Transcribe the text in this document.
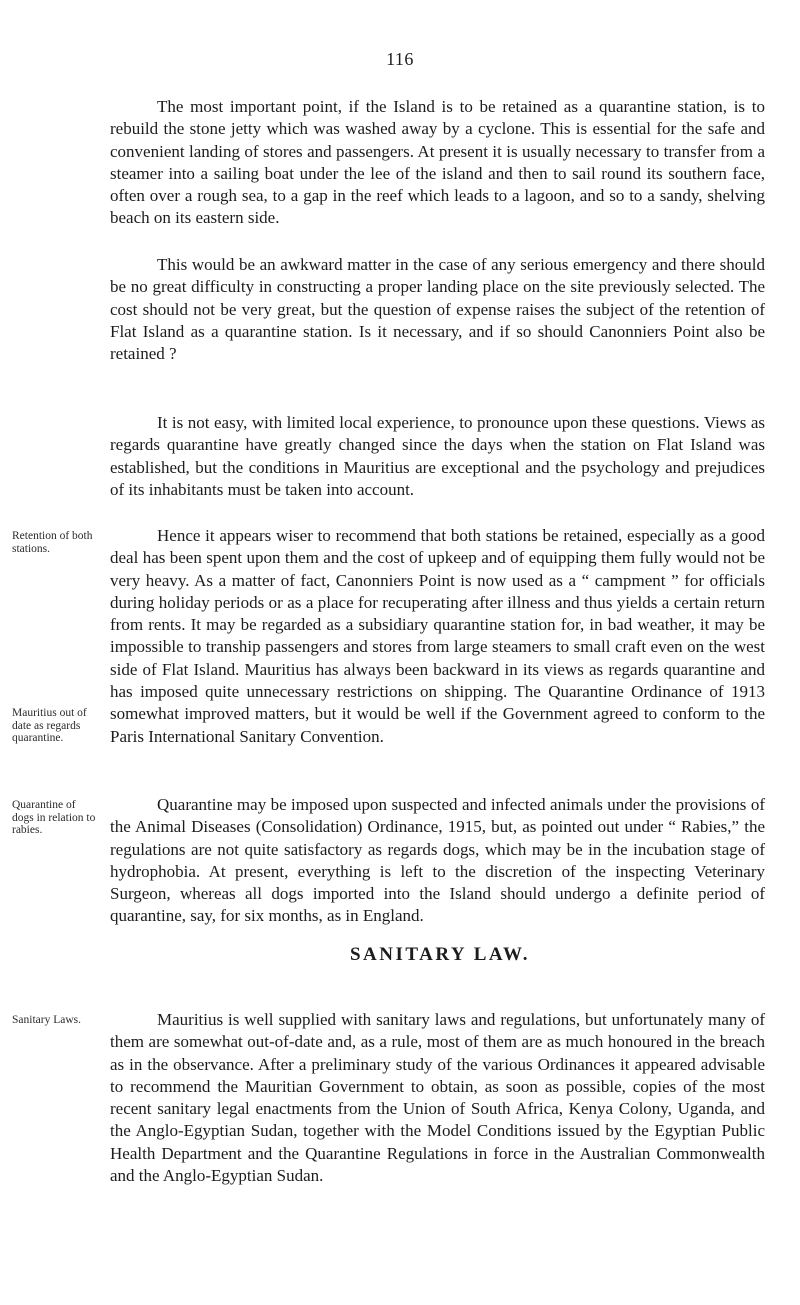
116

The most important point, if the Island is to be retained as a quarantine station, is to rebuild the stone jetty which was washed away by a cyclone. This is essential for the safe and convenient landing of stores and passengers. At present it is usually necessary to transfer from a steamer into a sailing boat under the lee of the island and then to sail round its southern face, often over a rough sea, to a gap in the reef which leads to a lagoon, and so to a sandy, shelving beach on its eastern side.

This would be an awkward matter in the case of any serious emergency and there should be no great difficulty in constructing a proper landing place on the site previously selected. The cost should not be very great, but the question of expense raises the subject of the retention of Flat Island as a quarantine station. Is it necessary, and if so should Canonniers Point also be retained ?

It is not easy, with limited local experience, to pronounce upon these questions. Views as regards quarantine have greatly changed since the days when the station on Flat Island was established, but the conditions in Mauritius are exceptional and the psychology and prejudices of its inhabitants must be taken into account.

Retention of both stations.

Hence it appears wiser to recommend that both stations be retained, especially as a good deal has been spent upon them and the cost of upkeep and of equipping them fully would not be very heavy. As a matter of fact, Canonniers Point is now used as a “ campment ” for officials during holiday periods or as a place for recuperating after illness and thus yields a certain return from rents. It may be regarded as a subsidiary quarantine station for, in bad weather, it may be impossible to tranship passengers and stores from large steamers to small craft even on the west side of Flat Island. Mauritius has always been backward in its views as regards quarantine and has imposed quite unnecessary restrictions on shipping. The Quarantine Ordinance of 1913 somewhat improved matters, but it would be well if the Government agreed to conform to the Paris International Sanitary Convention.

Mauritius out of date as regards quarantine.

Quarantine of dogs in relation to rabies.

Quarantine may be imposed upon suspected and infected animals under the provisions of the Animal Diseases (Consolidation) Ordinance, 1915, but, as pointed out under “ Rabies,” the regulations are not quite satisfactory as regards dogs, which may be in the incubation stage of hydrophobia. At present, everything is left to the discretion of the inspecting Veterinary Surgeon, whereas all dogs imported into the Island should undergo a definite period of quarantine, say, for six months, as in England.

SANITARY LAW.

Sanitary Laws.	Mauritius is well supplied with sanitary laws and regulations, but unfortunately many of them are somewhat out-of-date and, as a rule, most of them are as much honoured in the breach as in the observance. After a preliminary study of the various Ordinances it appeared advisable to recommend the Mauritian Government to obtain, as soon as possible, copies of the most recent sanitary legal enactments from the Union of South Africa, Kenya Colony, Uganda, and the Anglo-Egyptian Sudan, together with the Model Conditions issued by the Egyptian Public Health Department and the Quarantine Regulations in force in the Australian Commonwealth and the Anglo-Egyptian Sudan.
